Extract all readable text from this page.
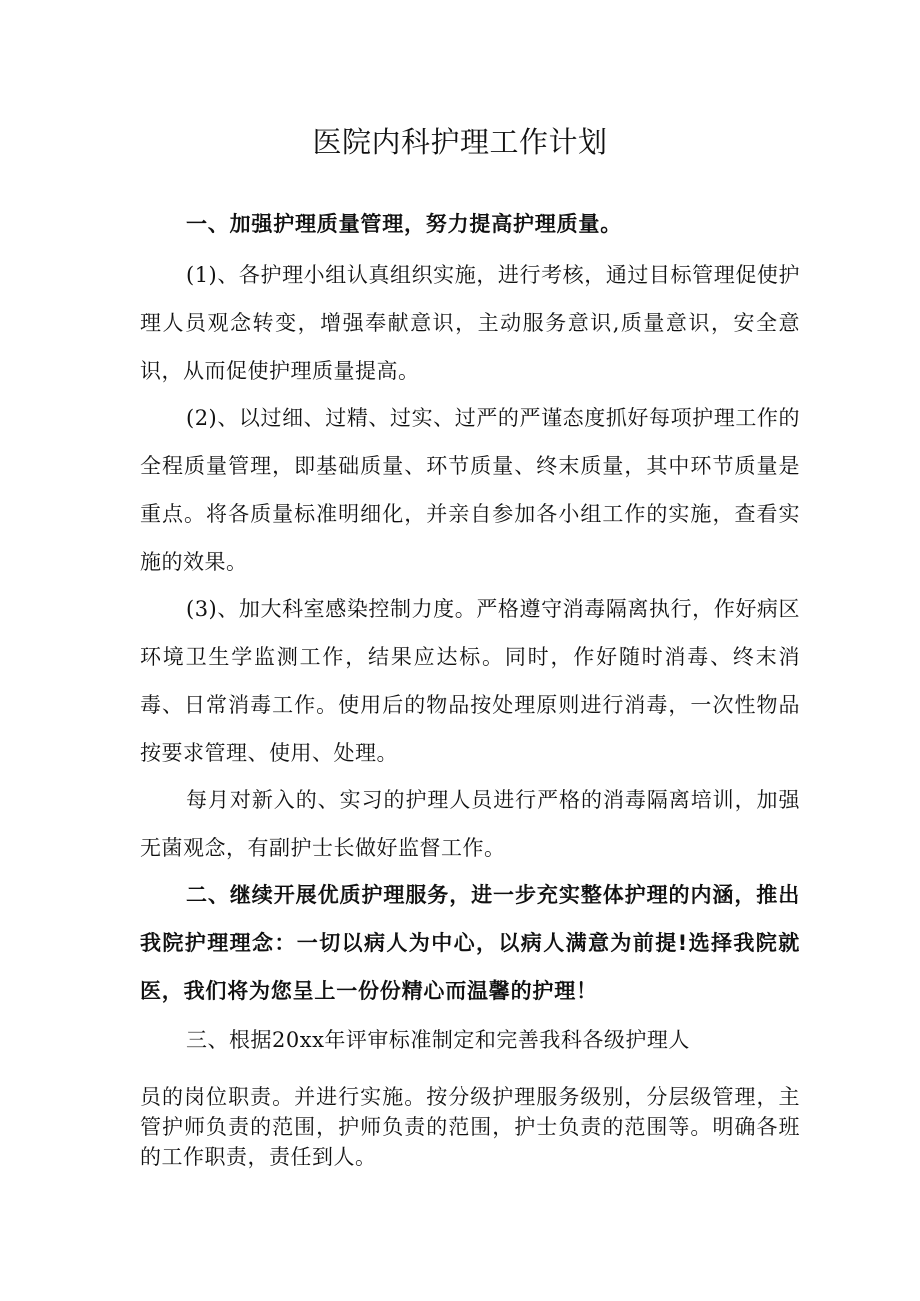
医院内科护理工作计划
一、加强护理质量管理，努力提高护理质量。
(1)、各护理小组认真组织实施，进行考核，通过目标管理促使护理人员观念转变，增强奉献意识，主动服务意识,质量意识，安全意识，从而促使护理质量提高。
(2)、以过细、过精、过实、过严的严谨态度抓好每项护理工作的全程质量管理，即基础质量、环节质量、终末质量，其中环节质量是重点。将各质量标准明细化，并亲自参加各小组工作的实施，查看实施的效果。
(3)、加大科室感染控制力度。严格遵守消毒隔离执行，作好病区环境卫生学监测工作，结果应达标。同时，作好随时消毒、终末消毒、日常消毒工作。使用后的物品按处理原则进行消毒，一次性物品按要求管理、使用、处理。
每月对新入的、实习的护理人员进行严格的消毒隔离培训，加强无菌观念，有副护士长做好监督工作。
二、继续开展优质护理服务，进一步充实整体护理的内涵，推出我院护理理念：一切以病人为中心，以病人满意为前提!选择我院就医，我们将为您呈上一份份精心而温馨的护理！
三、根据20xx年评审标准制定和完善我科各级护理人
员的岗位职责。并进行实施。按分级护理服务级别，分层级管理，主管护师负责的范围，护师负责的范围，护士负责的范围等。明确各班的工作职责，责任到人。
